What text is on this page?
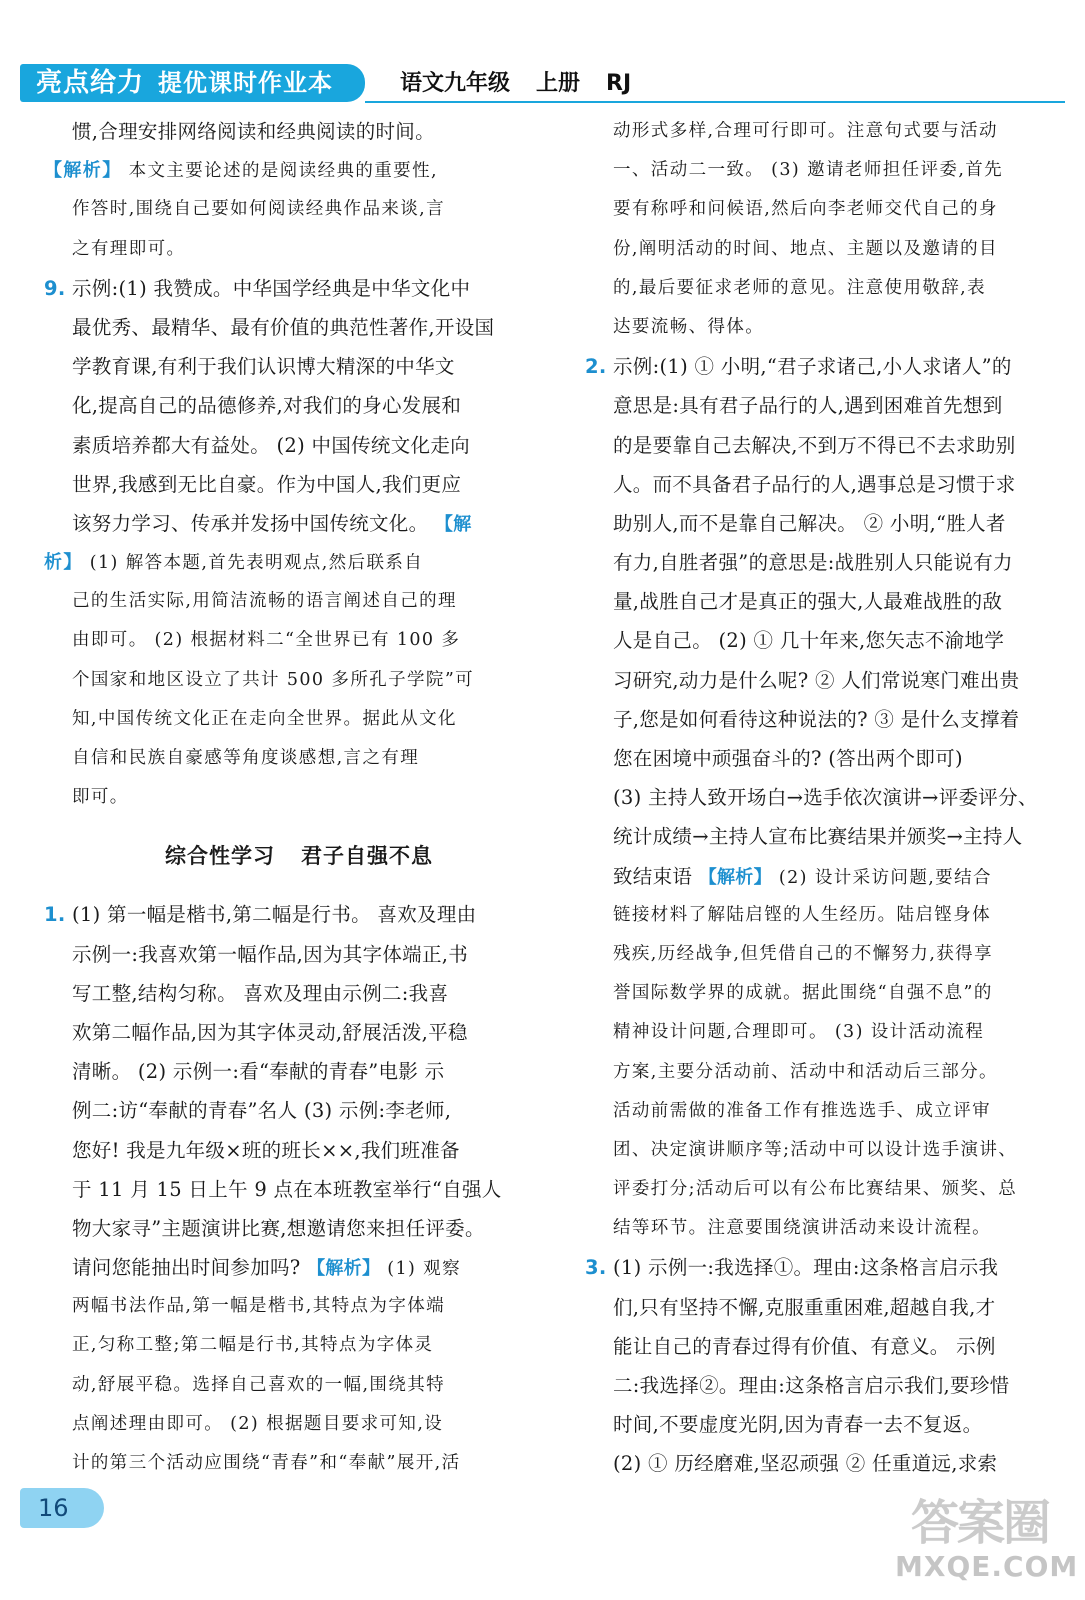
亮点给力 提优课时作业本	语文九年级 上册 RJ

惯,合理安排网络阅读和经典阅读的时间。

【解析】 本文主要论述的是阅读经典的重要性,

作答时,围绕自己要如何阅读经典作品来谈,言

之有理即可。

9. 示例:(1) 我赞成。中华国学经典是中华文化中

最优秀、最精华、最有价值的典范性著作,开设国

学教育课,有利于我们认识博大精深的中华文

化,提高自己的品德修养,对我们的身心发展和

素质培养都大有益处。 (2) 中国传统文化走向

世界,我感到无比自豪。作为中国人,我们更应

该努力学习、传承并发扬中国传统文化。 【解

析】 (1) 解答本题,首先表明观点,然后联系自

己的生活实际,用简洁流畅的语言阐述自己的理

由即可。 (2) 根据材料二“全世界已有 100 多

个国家和地区设立了共计 500 多所孔子学院”可

知,中国传统文化正在走向全世界。据此从文化

自信和民族自豪感等角度谈感想,言之有理

即可。

综合性学习 君子自强不息

1. (1) 第一幅是楷书,第二幅是行书。 喜欢及理由

示例一:我喜欢第一幅作品,因为其字体端正,书

写工整,结构匀称。 喜欢及理由示例二:我喜

欢第二幅作品,因为其字体灵动,舒展活泼,平稳

清晰。 (2) 示例一:看“奉献的青春”电影 示

例二:访“奉献的青春”名人 (3) 示例:李老师,

您好! 我是九年级×班的班长××,我们班准备

于 11 月 15 日上午 9 点在本班教室举行“自强人

物大家寻”主题演讲比赛,想邀请您来担任评委。

请问您能抽出时间参加吗? 【解析】 (1) 观察

两幅书法作品,第一幅是楷书,其特点为字体端

正,匀称工整;第二幅是行书,其特点为字体灵

动,舒展平稳。选择自己喜欢的一幅,围绕其特

点阐述理由即可。 (2) 根据题目要求可知,设

计的第三个活动应围绕“青春”和“奉献”展开,活

动形式多样,合理可行即可。注意句式要与活动

一、活动二一致。 (3) 邀请老师担任评委,首先

要有称呼和问候语,然后向李老师交代自己的身

份,阐明活动的时间、地点、主题以及邀请的目

的,最后要征求老师的意见。注意使用敬辞,表

达要流畅、得体。

2. 示例:(1) ① 小明,“君子求诸己,小人求诸人”的

意思是:具有君子品行的人,遇到困难首先想到

的是要靠自己去解决,不到万不得已不去求助别

人。而不具备君子品行的人,遇事总是习惯于求

助别人,而不是靠自己解决。 ② 小明,“胜人者

有力,自胜者强”的意思是:战胜别人只能说有力

量,战胜自己才是真正的强大,人最难战胜的敌

人是自己。 (2) ① 几十年来,您矢志不渝地学

习研究,动力是什么呢? ② 人们常说寒门难出贵

子,您是如何看待这种说法的? ③ 是什么支撑着

您在困境中顽强奋斗的? (答出两个即可)

(3) 主持人致开场白→选手依次演讲→评委评分、

统计成绩→主持人宣布比赛结果并颁奖→主持人

致结束语 【解析】 (2) 设计采访问题,要结合

链接材料了解陆启铿的人生经历。陆启铿身体

残疾,历经战争,但凭借自己的不懈努力,获得享

誉国际数学界的成就。据此围绕“自强不息”的

精神设计问题,合理即可。 (3) 设计活动流程

方案,主要分活动前、活动中和活动后三部分。

活动前需做的准备工作有推选选手、成立评审

团、决定演讲顺序等;活动中可以设计选手演讲、

评委打分;活动后可以有公布比赛结果、颁奖、总

结等环节。注意要围绕演讲活动来设计流程。

3. (1) 示例一:我选择①。理由:这条格言启示我

们,只有坚持不懈,克服重重困难,超越自我,才

能让自己的青春过得有价值、有意义。 示例

二:我选择②。理由:这条格言启示我们,要珍惜

时间,不要虚度光阴,因为青春一去不复返。

(2) ① 历经磨难,坚忍顽强 ② 任重道远,求索

16	答案圈
MXQE.COM
